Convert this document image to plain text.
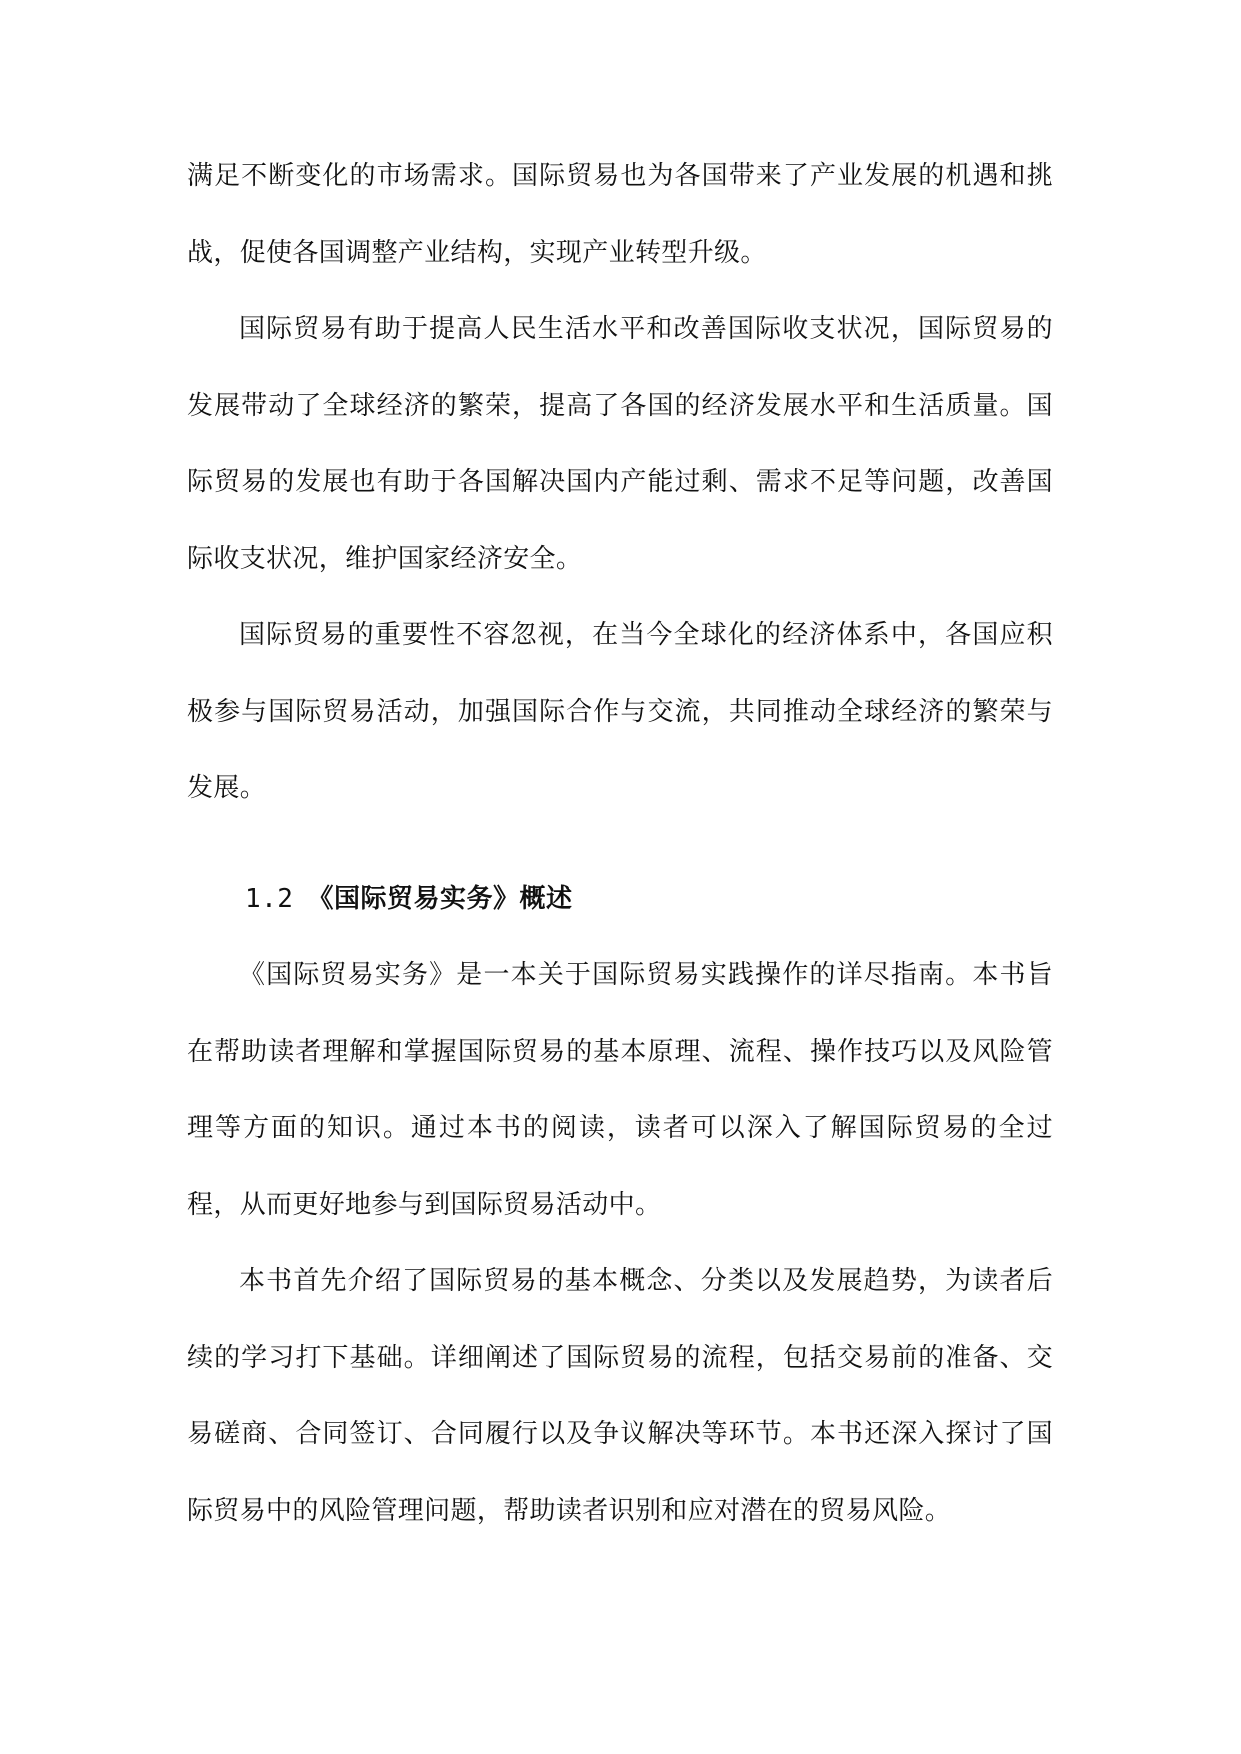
满足不断变化的市场需求。国际贸易也为各国带来了产业发展的机遇和挑战，促使各国调整产业结构，实现产业转型升级。

国际贸易有助于提高人民生活水平和改善国际收支状况，国际贸易的发展带动了全球经济的繁荣，提高了各国的经济发展水平和生活质量。国际贸易的发展也有助于各国解决国内产能过剩、需求不足等问题，改善国际收支状况，维护国家经济安全。

国际贸易的重要性不容忽视，在当今全球化的经济体系中，各国应积极参与国际贸易活动，加强国际合作与交流，共同推动全球经济的繁荣与发展。

1.2 《国际贸易实务》概述

《国际贸易实务》是一本关于国际贸易实践操作的详尽指南。本书旨在帮助读者理解和掌握国际贸易的基本原理、流程、操作技巧以及风险管理等方面的知识。通过本书的阅读，读者可以深入了解国际贸易的全过程，从而更好地参与到国际贸易活动中。

本书首先介绍了国际贸易的基本概念、分类以及发展趋势，为读者后续的学习打下基础。详细阐述了国际贸易的流程，包括交易前的准备、交易磋商、合同签订、合同履行以及争议解决等环节。本书还深入探讨了国际贸易中的风险管理问题，帮助读者识别和应对潜在的贸易风险。
